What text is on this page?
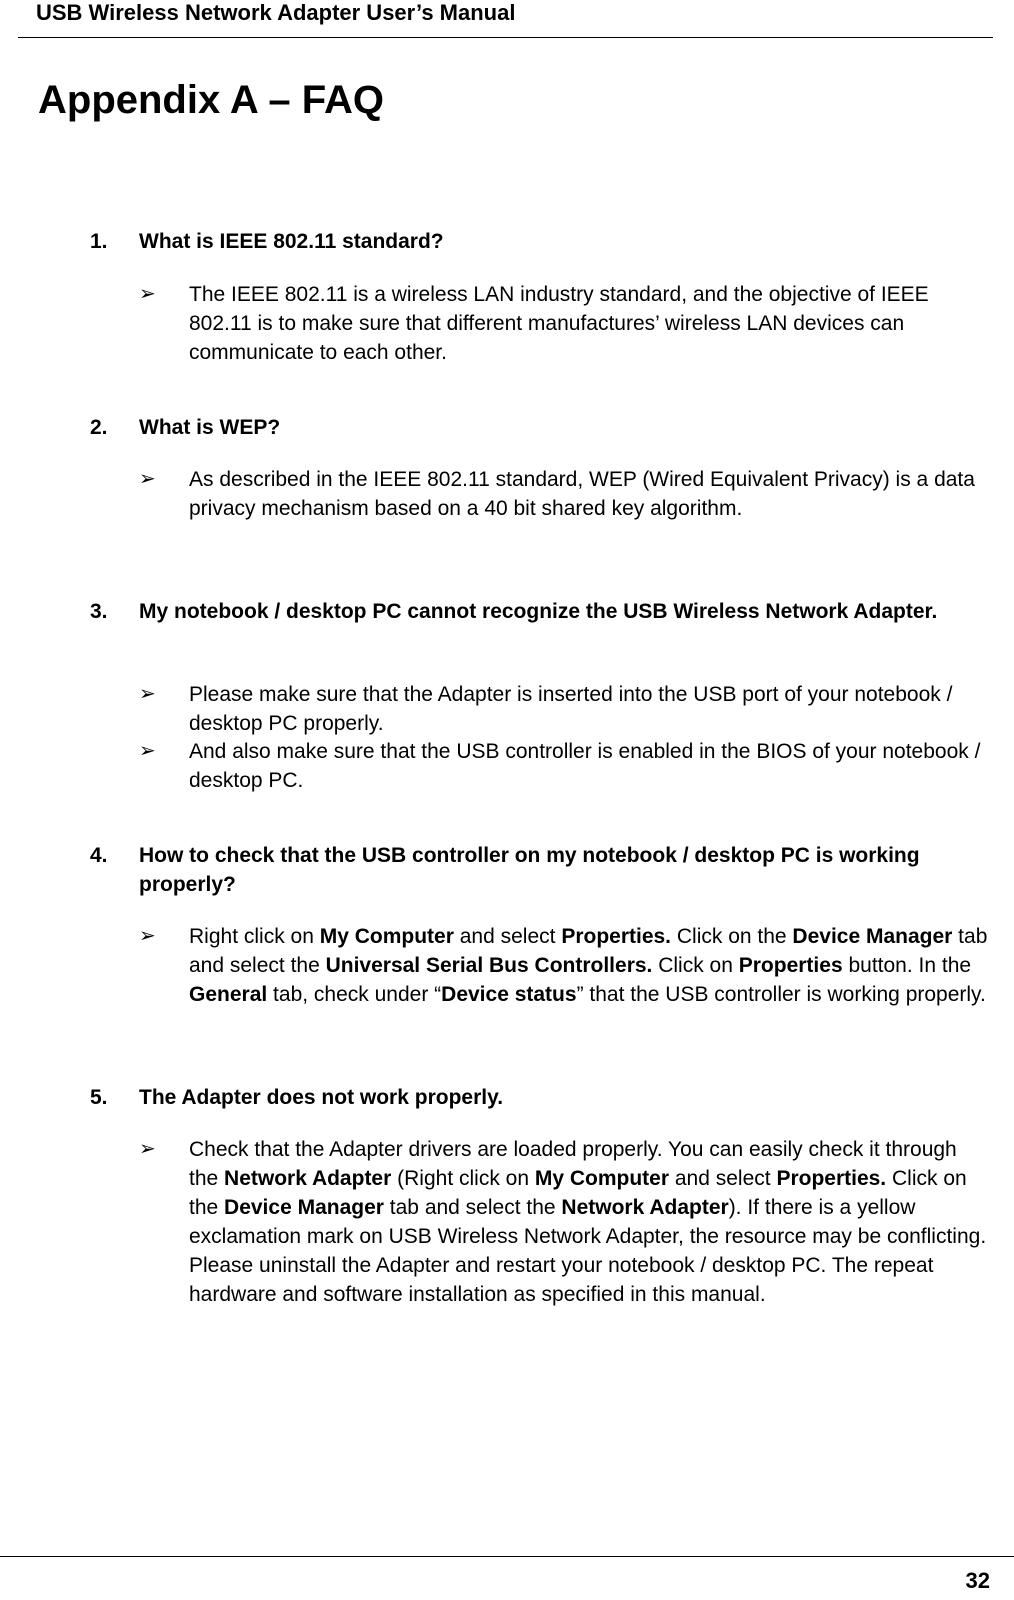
USB Wireless Network Adapter User’s Manual
Appendix A – FAQ
1. What is IEEE 802.11 standard?
➢ The IEEE 802.11 is a wireless LAN industry standard, and the objective of IEEE 802.11 is to make sure that different manufactures’ wireless LAN devices can communicate to each other.
2. What is WEP?
➢ As described in the IEEE 802.11 standard, WEP (Wired Equivalent Privacy) is a data privacy mechanism based on a 40 bit shared key algorithm.
3. My notebook / desktop PC cannot recognize the USB Wireless Network Adapter.
➢ Please make sure that the Adapter is inserted into the USB port of your notebook / desktop PC properly.
➢ And also make sure that the USB controller is enabled in the BIOS of your notebook / desktop PC.
4. How to check that the USB controller on my notebook / desktop PC is working properly?
➢ Right click on My Computer and select Properties. Click on the Device Manager tab and select the Universal Serial Bus Controllers. Click on Properties button. In the General tab, check under “Device status” that the USB controller is working properly.
5. The Adapter does not work properly.
➢ Check that the Adapter drivers are loaded properly. You can easily check it through the Network Adapter (Right click on My Computer and select Properties. Click on the Device Manager tab and select the Network Adapter). If there is a yellow exclamation mark on USB Wireless Network Adapter, the resource may be conflicting. Please uninstall the Adapter and restart your notebook / desktop PC. The repeat hardware and software installation as specified in this manual.
32
